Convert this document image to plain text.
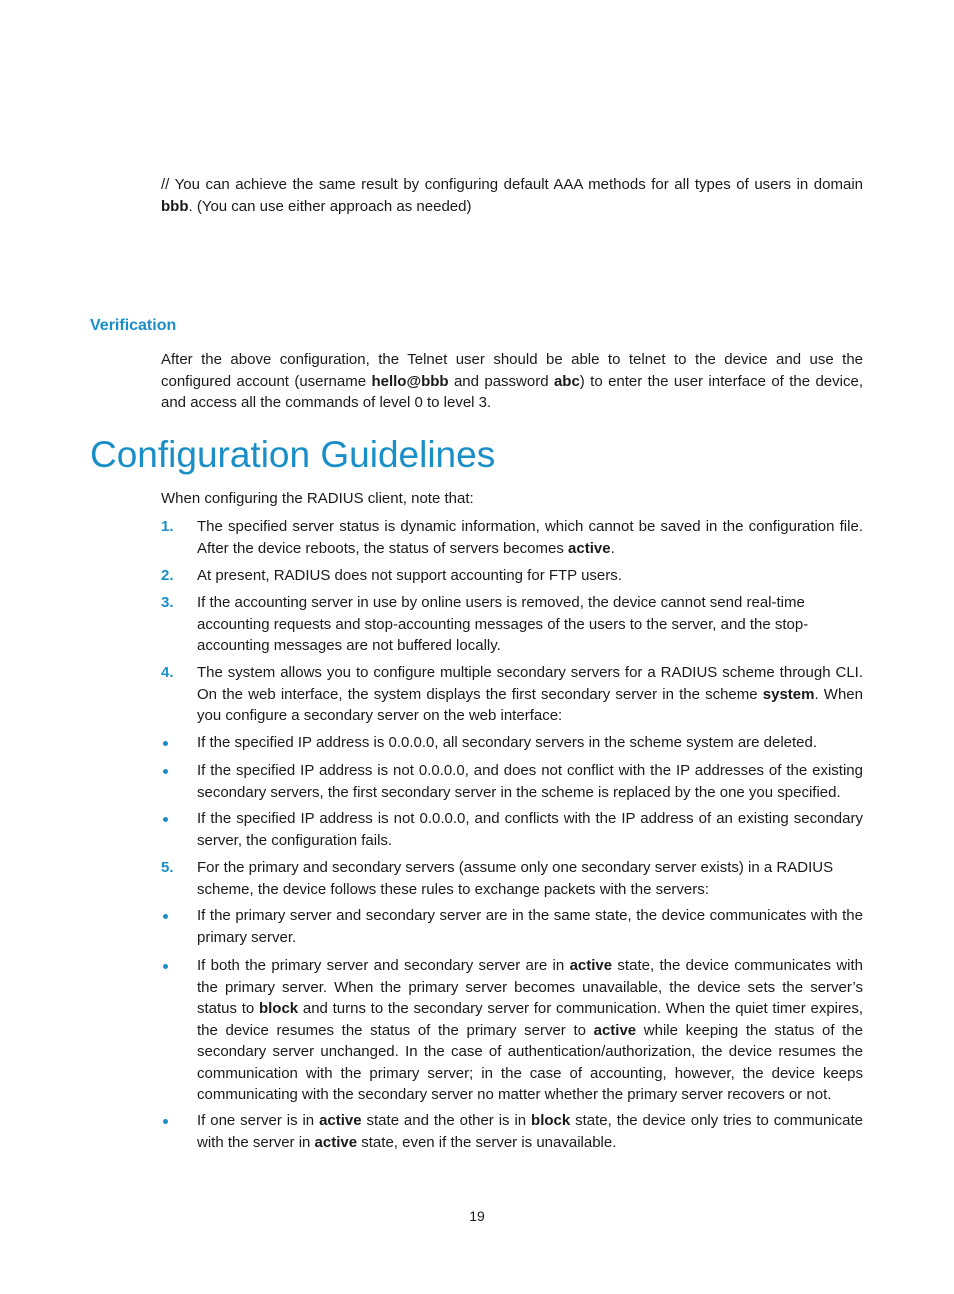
// You can achieve the same result by configuring default AAA methods for all types of users in domain bbb. (You can use either approach as needed)

Verification

After the above configuration, the Telnet user should be able to telnet to the device and use the configured account (username hello@bbb and password abc) to enter the user interface of the device, and access all the commands of level 0 to level 3.

Configuration Guidelines

When configuring the RADIUS client, note that:

1. The specified server status is dynamic information, which cannot be saved in the configuration file. After the device reboots, the status of servers becomes active.
2. At present, RADIUS does not support accounting for FTP users.
3. If the accounting server in use by online users is removed, the device cannot send real-time accounting requests and stop-accounting messages of the users to the server, and the stop-accounting messages are not buffered locally.
4. The system allows you to configure multiple secondary servers for a RADIUS scheme through CLI. On the web interface, the system displays the first secondary server in the scheme system. When you configure a secondary server on the web interface:
If the specified IP address is 0.0.0.0, all secondary servers in the scheme system are deleted.
If the specified IP address is not 0.0.0.0, and does not conflict with the IP addresses of the existing secondary servers, the first secondary server in the scheme is replaced by the one you specified.
If the specified IP address is not 0.0.0.0, and conflicts with the IP address of an existing secondary server, the configuration fails.
5. For the primary and secondary servers (assume only one secondary server exists) in a RADIUS scheme, the device follows these rules to exchange packets with the servers:
If the primary server and secondary server are in the same state, the device communicates with the primary server.
If both the primary server and secondary server are in active state, the device communicates with the primary server. When the primary server becomes unavailable, the device sets the server’s status to block and turns to the secondary server for communication. When the quiet timer expires, the device resumes the status of the primary server to active while keeping the status of the secondary server unchanged. In the case of authentication/authorization, the device resumes the communication with the primary server; in the case of accounting, however, the device keeps communicating with the secondary server no matter whether the primary server recovers or not.
If one server is in active state and the other is in block state, the device only tries to communicate with the server in active state, even if the server is unavailable.
19
